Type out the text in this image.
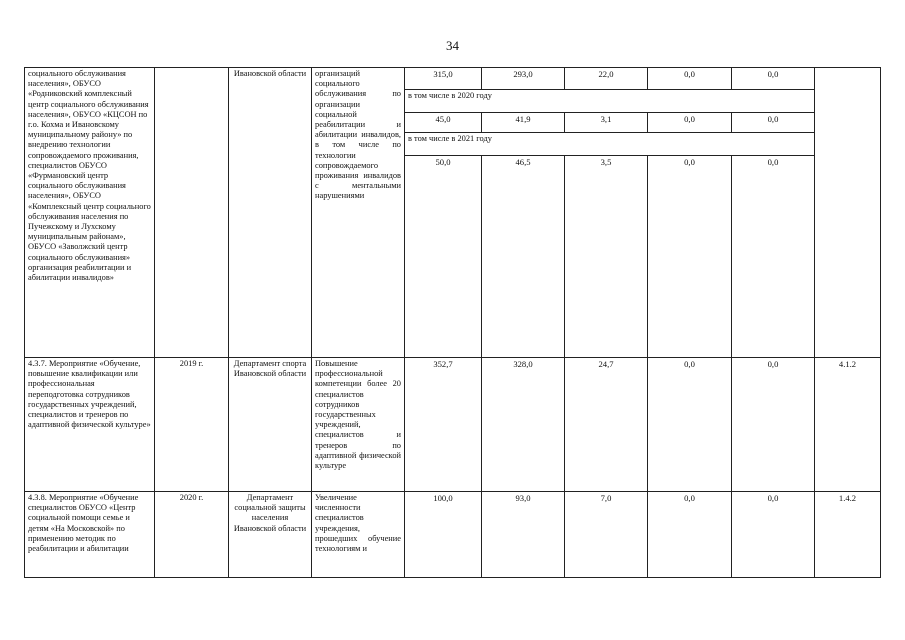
34
социального обслуживания населения», ОБУСО «Родниковский комплексный центр социального обслуживания населения», ОБУСО «КЦСОН по г.о. Кохма и Ивановскому муниципальному району» по внедрению технологии сопровождаемого проживания, специалистов ОБУСО «Фурмановский центр социального обслуживания населения», ОБУСО «Комплексный центр социального обслуживания населения по Пучежскому и Лухскому муниципальным районам», ОБУСО «Заволжский центр социального обслуживания» организация реабилитации и абилитации инвалидов»		Ивановской области	организаций социального обслуживания по организации социальной реабилитации и абилитации инвалидов, в том числе по технологии сопровождаемого проживания инвалидов с ментальными нарушениями	315,0	293,0	22,0	0,0	0,0	
				в том числе в 2020 году					
				45,0	41,9	3,1	0,0	0,0	
				в том числе в 2021 году					
				50,0	46,5	3,5	0,0	0,0	
4.3.7. Мероприятие «Обучение, повышение квалификации или профессиональная переподготовка сотрудников государственных учреждений, специалистов и тренеров по адаптивной физической культуре»	2019 г.	Департамент спорта Ивановской области	Повышение профессиональной компетенции более 20 специалистов сотрудников государственных учреждений, специалистов и тренеров по адаптивной физической культуре	352,7	328,0	24,7	0,0	0,0	4.1.2
4.3.8. Мероприятие «Обучение специалистов ОБУСО «Центр социальной помощи семье и детям «На Московской» по применению методик по реабилитации и абилитации	2020 г.	Департамент социальной защиты населения Ивановской области	Увеличение численности специалистов учреждения, прошедших обучение технологиям и	100,0	93,0	7,0	0,0	0,0	1.4.2
